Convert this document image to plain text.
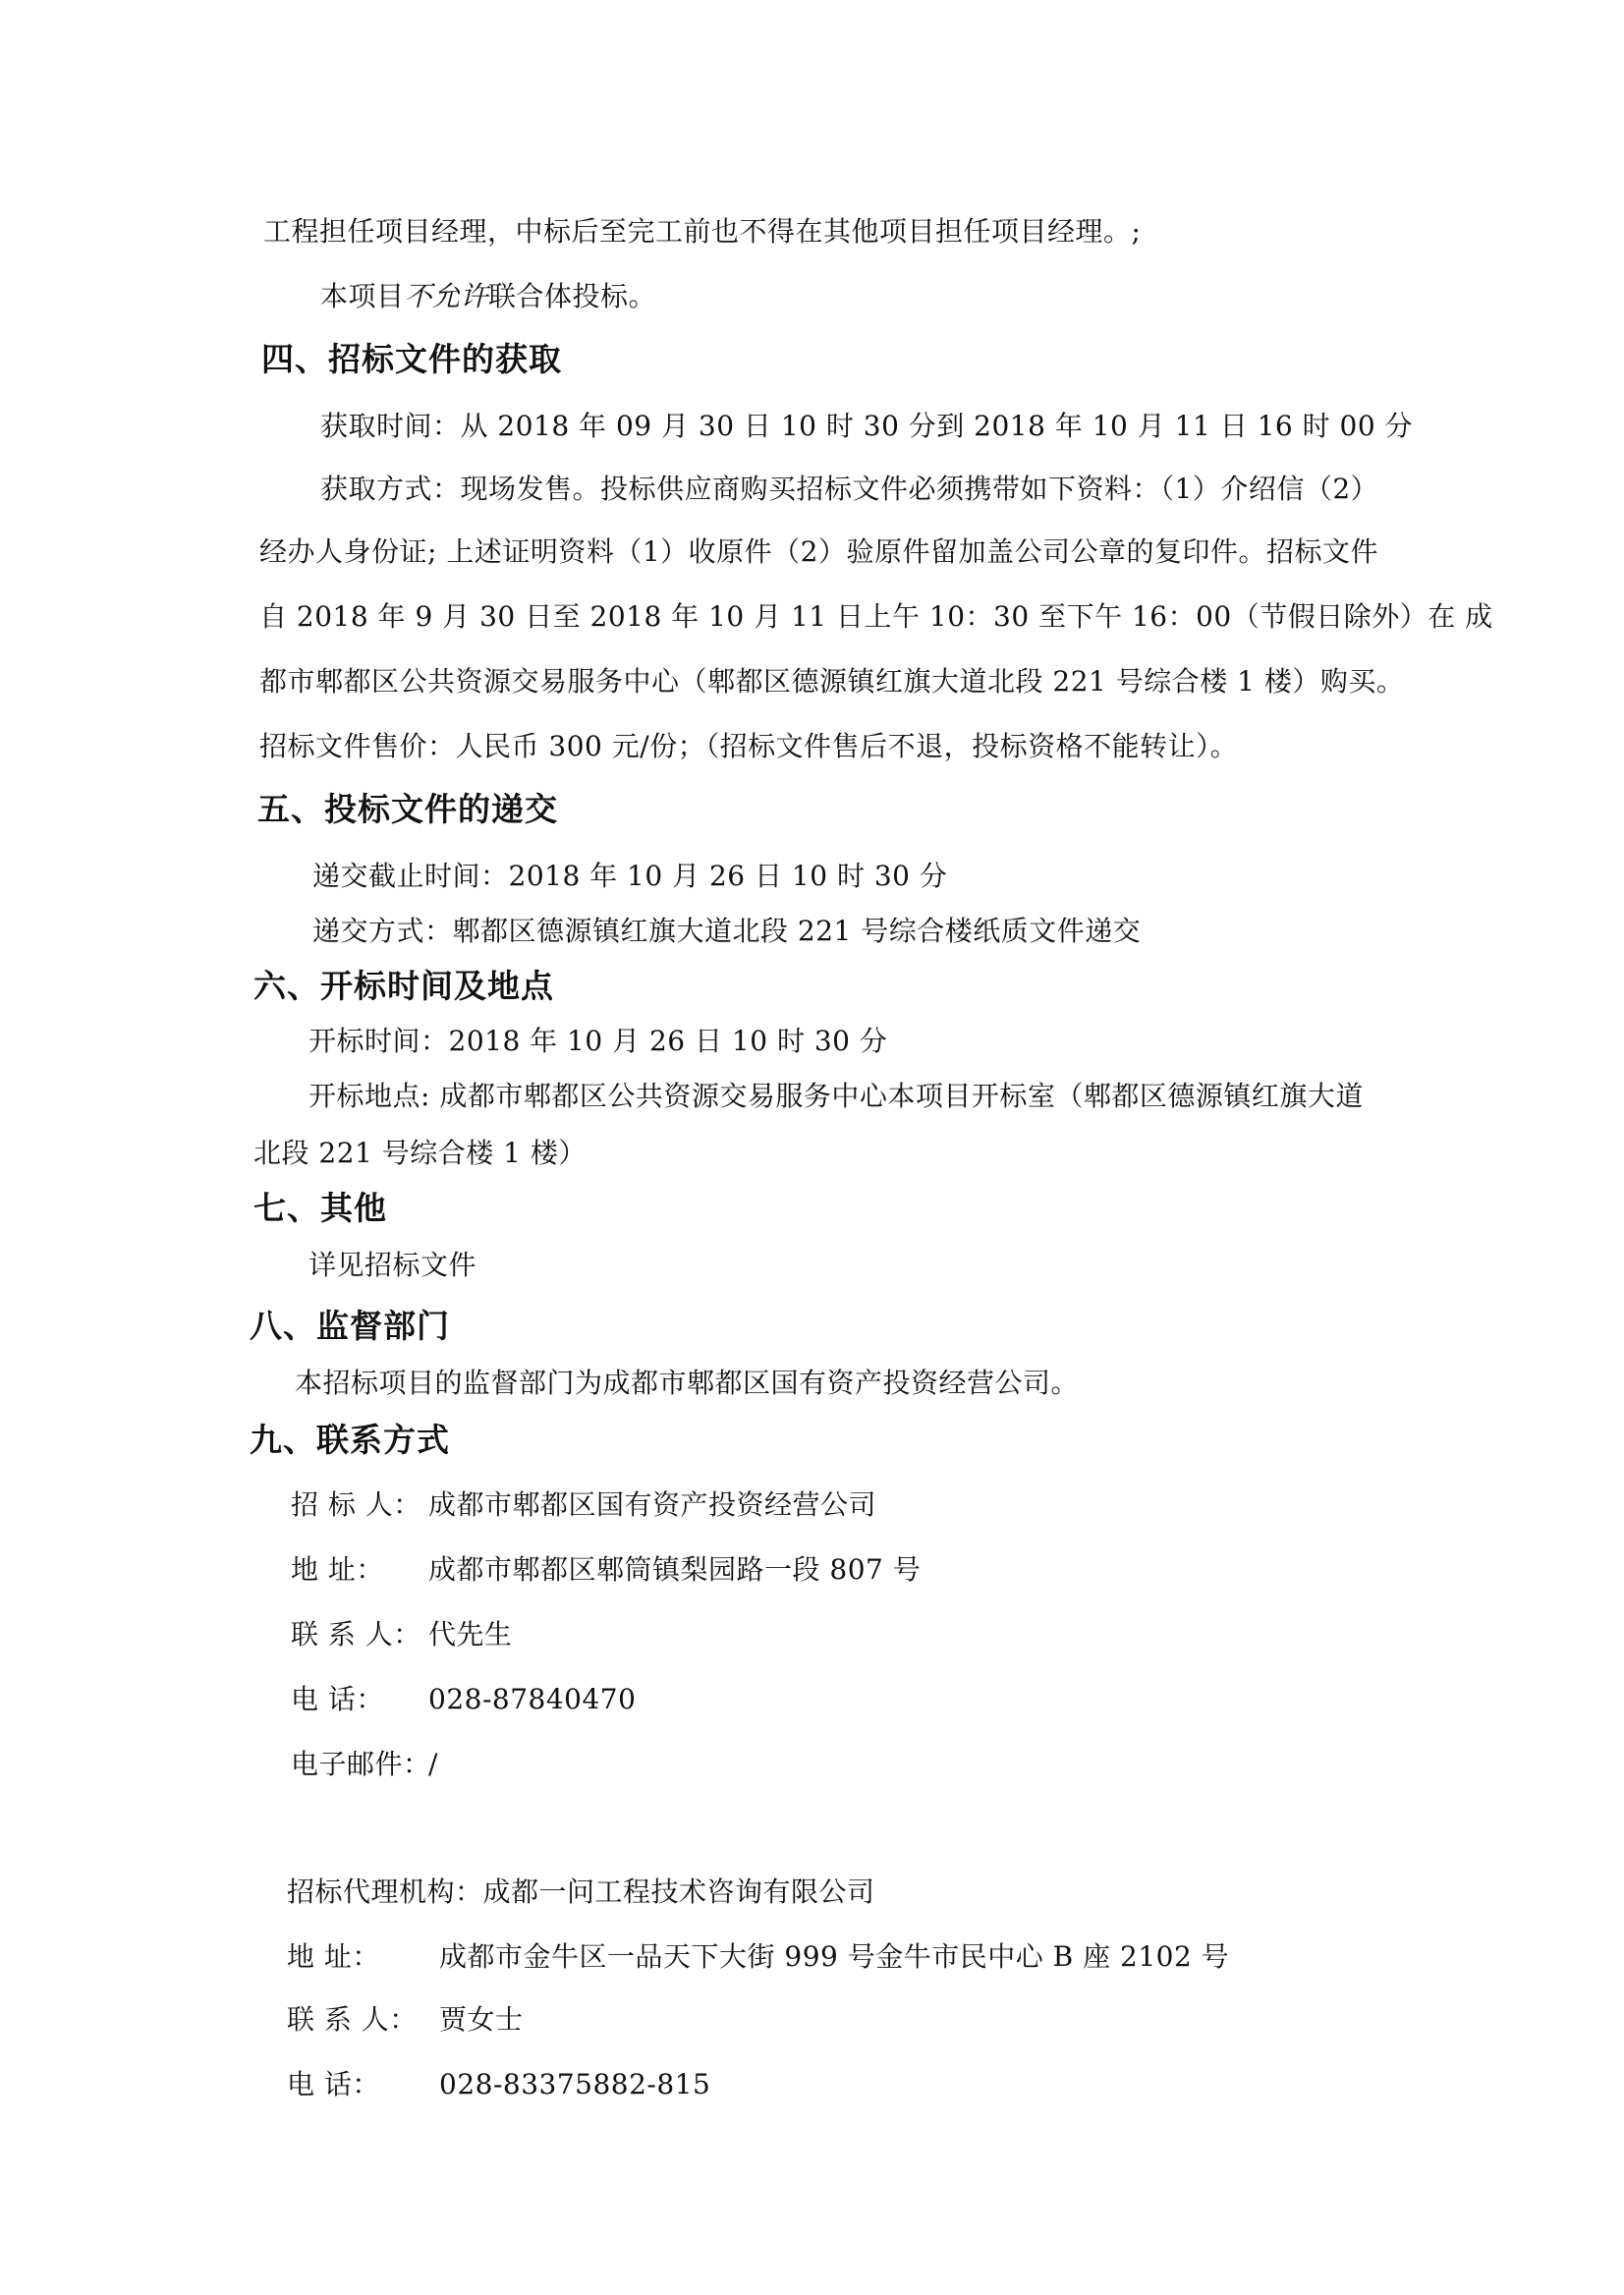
工程担任项目经理，中标后至完工前也不得在其他项目担任项目经理。;
本项目不允许联合体投标。
四、招标文件的获取
获取时间：从 2018 年 09 月 30 日 10 时 30 分到 2018 年 10 月 11 日 16 时 00 分
获取方式：现场发售。投标供应商购买招标文件必须携带如下资料：（1）介绍信（2）
经办人身份证; 上述证明资料（1）收原件（2）验原件留加盖公司公章的复印件。招标文件
自 2018 年 9 月 30 日至 2018 年 10 月 11 日上午 10：30 至下午 16：00（节假日除外）在 成
都市郫都区公共资源交易服务中心（郫都区德源镇红旗大道北段 221 号综合楼 1 楼）购买。
招标文件售价：人民币 300 元/份；（招标文件售后不退，投标资格不能转让）。
五、投标文件的递交
递交截止时间：2018 年 10 月 26 日 10 时 30 分
递交方式：郫都区德源镇红旗大道北段 221 号综合楼纸质文件递交
六、开标时间及地点
开标时间：2018 年 10 月 26 日 10 时 30 分
开标地点: 成都市郫都区公共资源交易服务中心本项目开标室（郫都区德源镇红旗大道
北段 221 号综合楼 1 楼）
七、其他
详见招标文件
八、监督部门
本招标项目的监督部门为成都市郫都区国有资产投资经营公司。
九、联系方式
招 标 人： 成都市郫都区国有资产投资经营公司
地 址： 成都市郫都区郫筒镇梨园路一段 807 号
联 系 人： 代先生
电 话： 028-87840470
电子邮件：/
招标代理机构：成都一问工程技术咨询有限公司
地 址： 成都市金牛区一品天下大街 999 号金牛市民中心 B 座 2102 号
联 系 人： 贾女士
电 话： 028-83375882-815
